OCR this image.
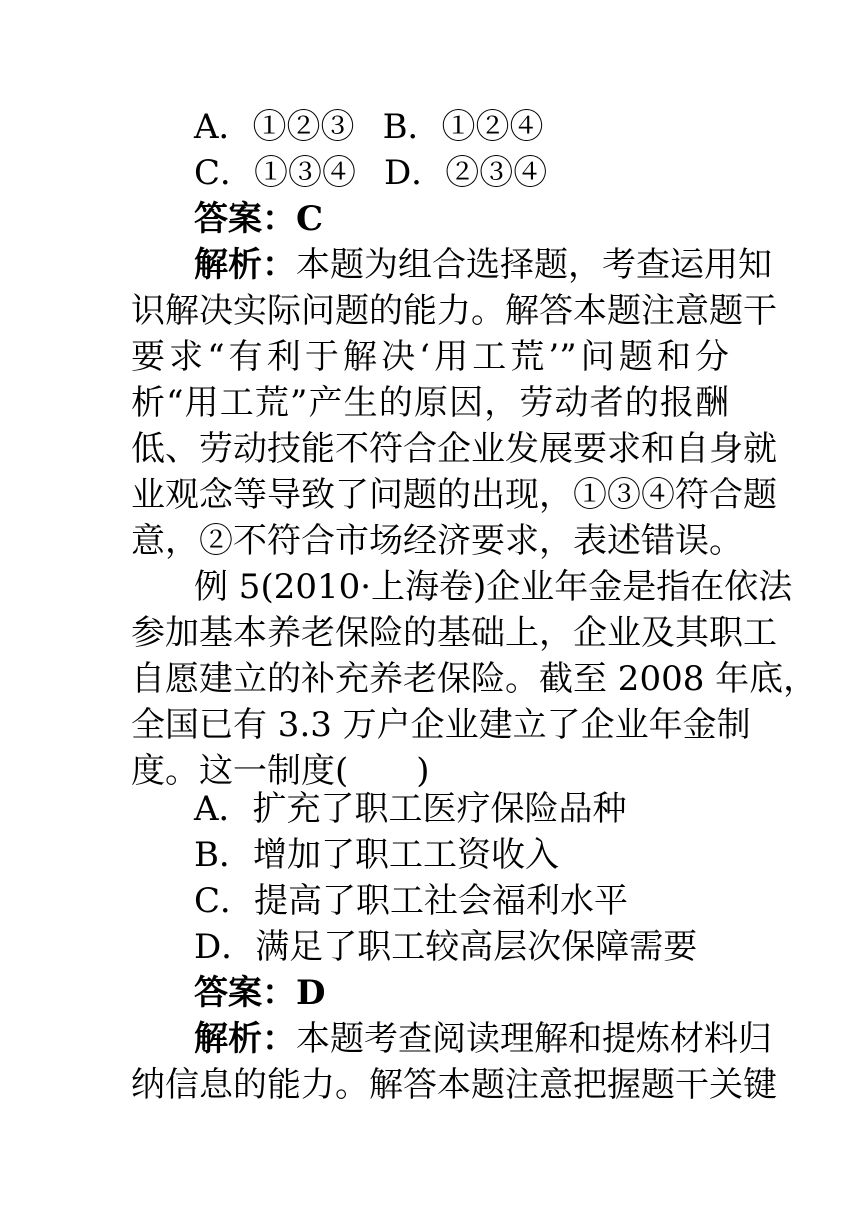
A．①②③ B．①②④
C．①③④ D．②③④
答案：C
解析：本题为组合选择题，考查运用知
识解决实际问题的能力。解答本题注意题干
要求“有利于解决‘用工荒’”问题和分
析“用工荒”产生的原因，劳动者的报酬
低、劳动技能不符合企业发展要求和自身就
业观念等导致了问题的出现，①③④符合题
意，②不符合市场经济要求，表述错误。
例 5(2010·上海卷)企业年金是指在依法
参加基本养老保险的基础上，企业及其职工
自愿建立的补充养老保险。截至 2008 年底，
全国已有 3.3 万户企业建立了企业年金制
度。这一制度(　　)
A．扩充了职工医疗保险品种
B．增加了职工工资收入
C．提高了职工社会福利水平
D．满足了职工较高层次保障需要
答案：D
解析：本题考查阅读理解和提炼材料归
纳信息的能力。解答本题注意把握题干关键
